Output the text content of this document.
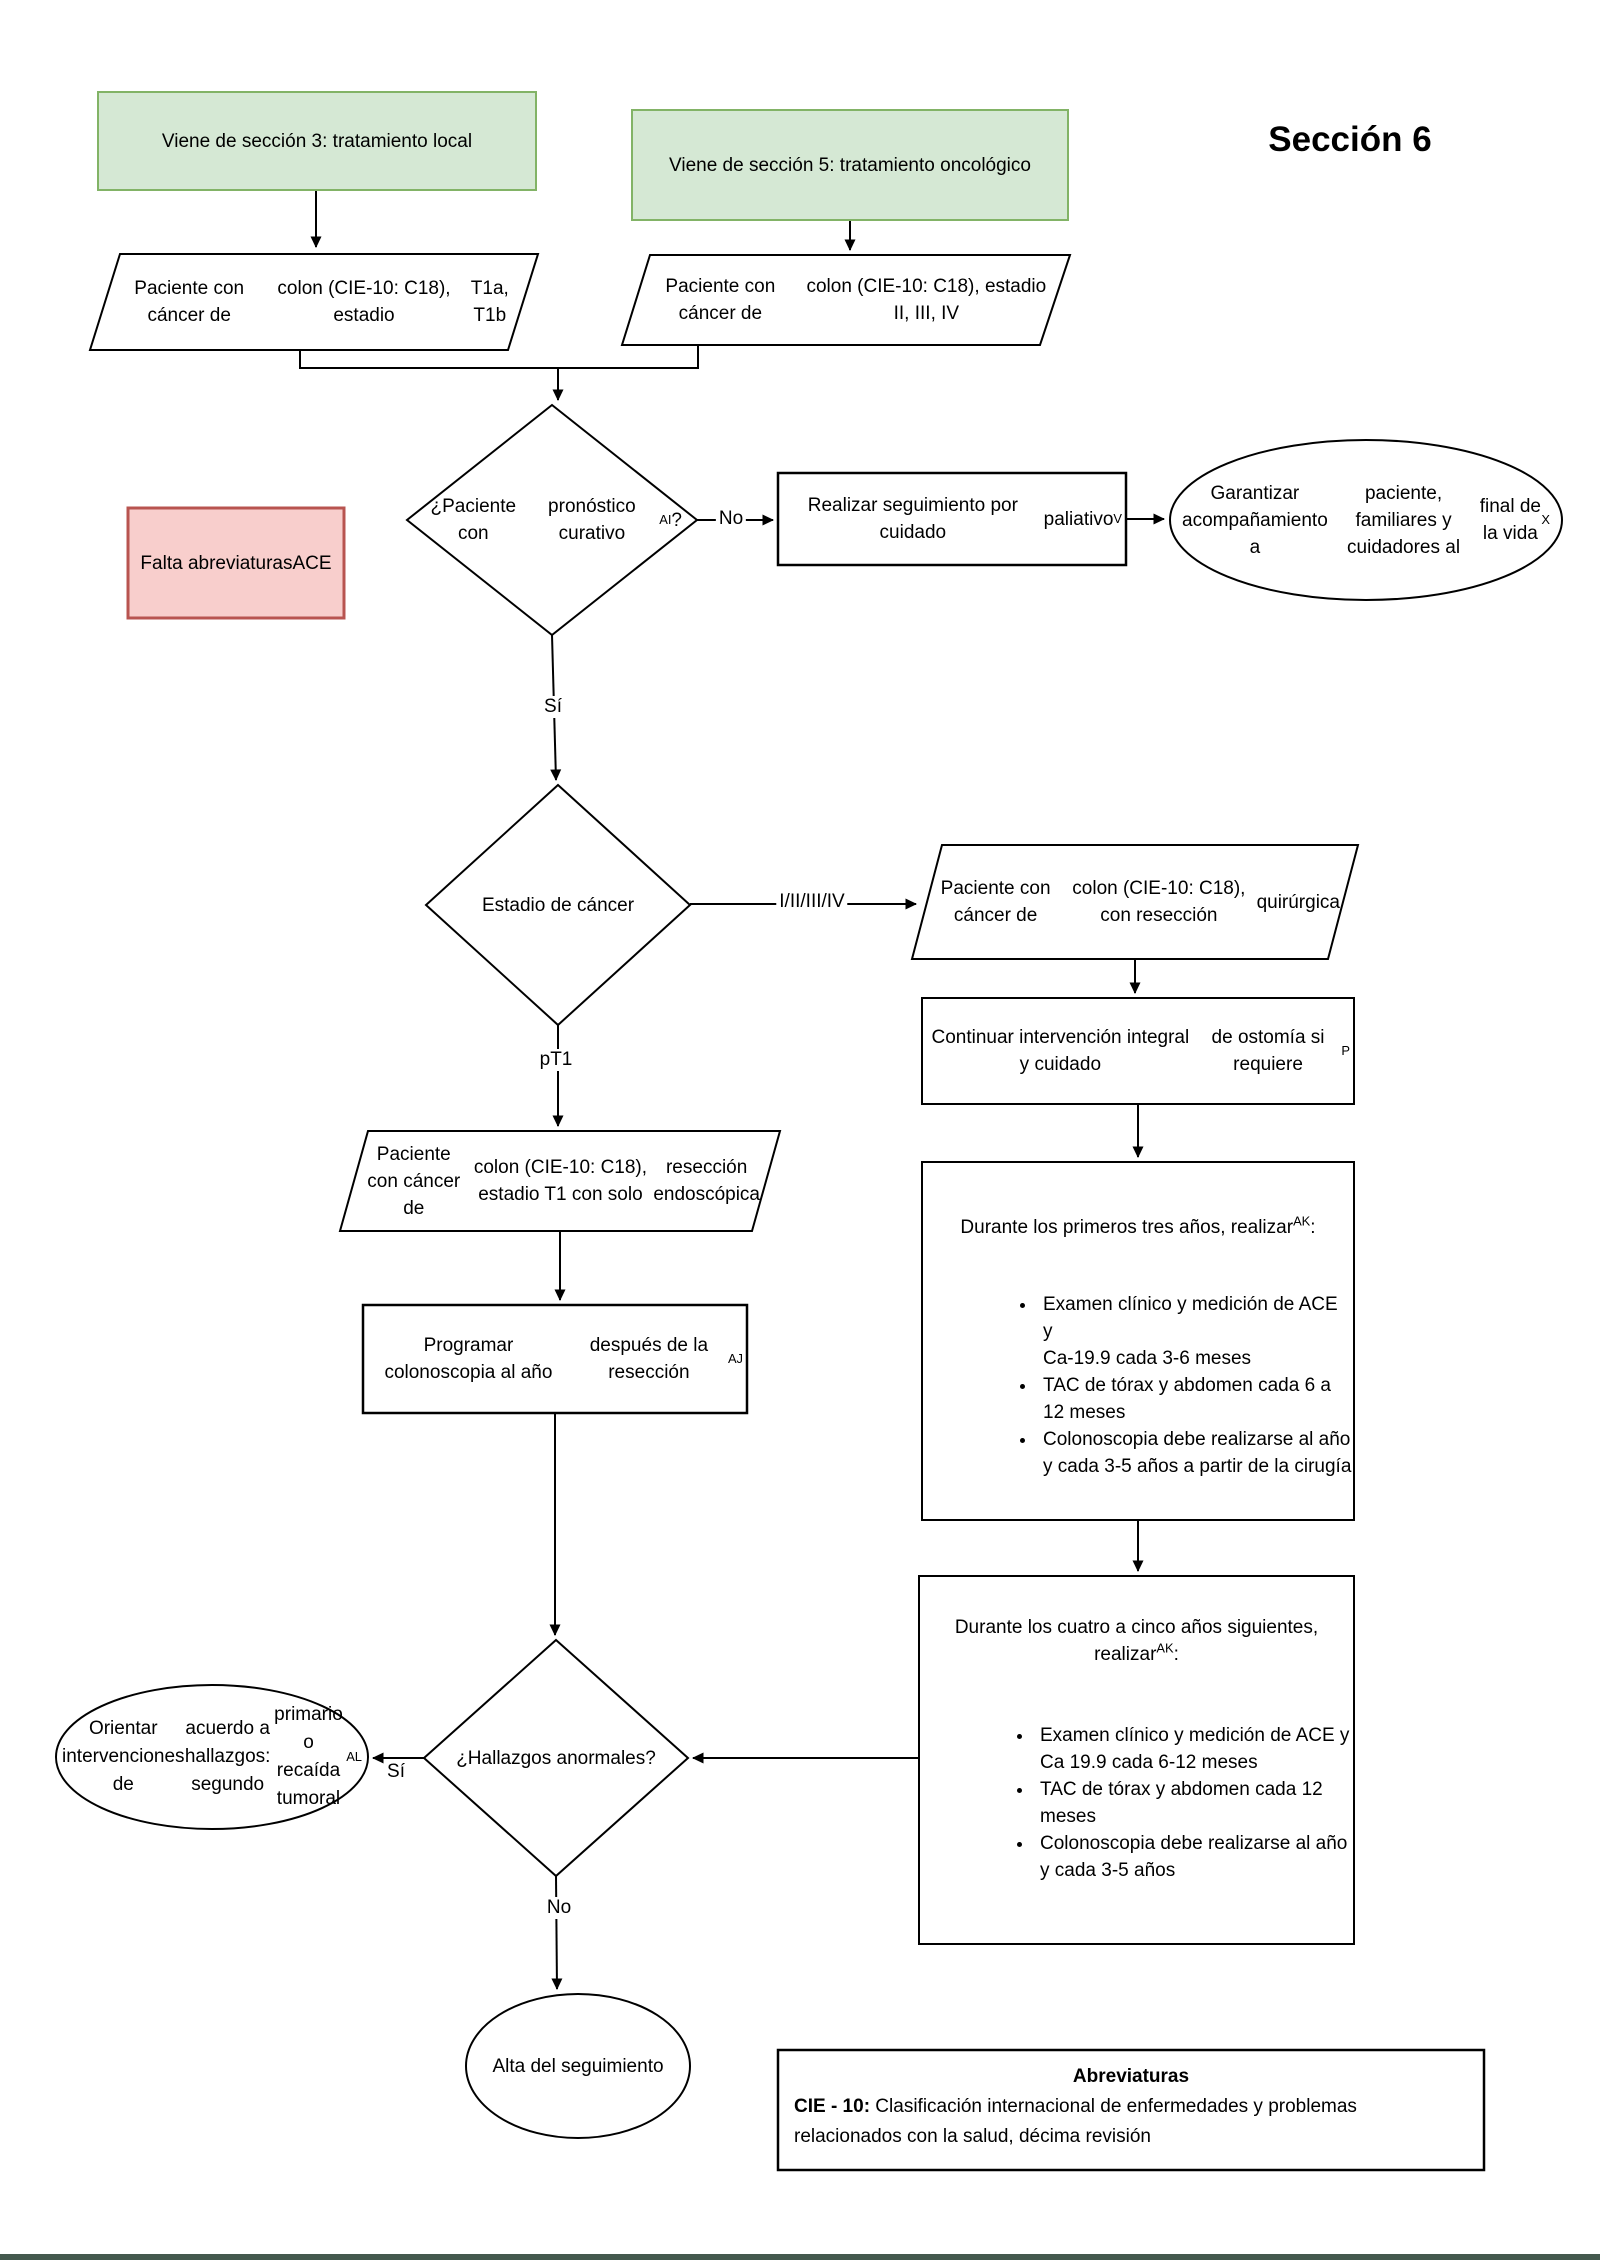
Sección 6
Viene de sección 3: tratamiento local
Viene de sección 5: tratamiento oncológico
Paciente con cáncer de

colon (CIE-10: C18), estadio

T1a, T1b
Paciente con cáncer de

colon (CIE-10: C18), estadio II, III, IV
¿Paciente con

pronóstico curativo
AI ?
Realizar seguimiento por cuidado

paliativo V
Garantizar acompañamiento a

paciente, familiares y cuidadores al

final de la vida
X
Falta abreviaturas ACE
Estadio de cáncer
Paciente con cáncer de

colon (CIE-10: C18), con resección

quirúrgica
Continuar intervención integral y cuidado

de ostomía si requiere
P
Durante los primeros tres años, realizar$^{AK}$:
• Examen clínico y medición de ACE y
Ca-19.9 cada 3-6 meses
• TAC de tórax y abdomen cada 6 a
12 meses
• Colonoscopia debe realizarse al año
y cada 3-5 años a partir de la cirugía
Paciente con cáncer de

colon (CIE-10: C18), estadio T1 con solo

resección endoscópica
Programar colonoscopia al año

después de la resección
AJ
Durante los cuatro a cinco años siguientes,
realizar$^{AK}$:
• Examen clínico y medición de ACE y
Ca 19.9 cada 6-12 meses
• TAC de tórax y abdomen cada 12
meses
• Colonoscopia debe realizarse al año
y cada 3-5 años
¿Hallazgos anormales?
Orientar intervenciones de

acuerdo a hallazgos: segundo

primario o recaída tumoral
AL
Alta del seguimiento	Abreviaturas
CIE - 10: Clasificación internacional de enfermedades y problemas relacionados con la salud, décima revisión
No
Sí
I/II/III/IV
pT1
Sí
No
